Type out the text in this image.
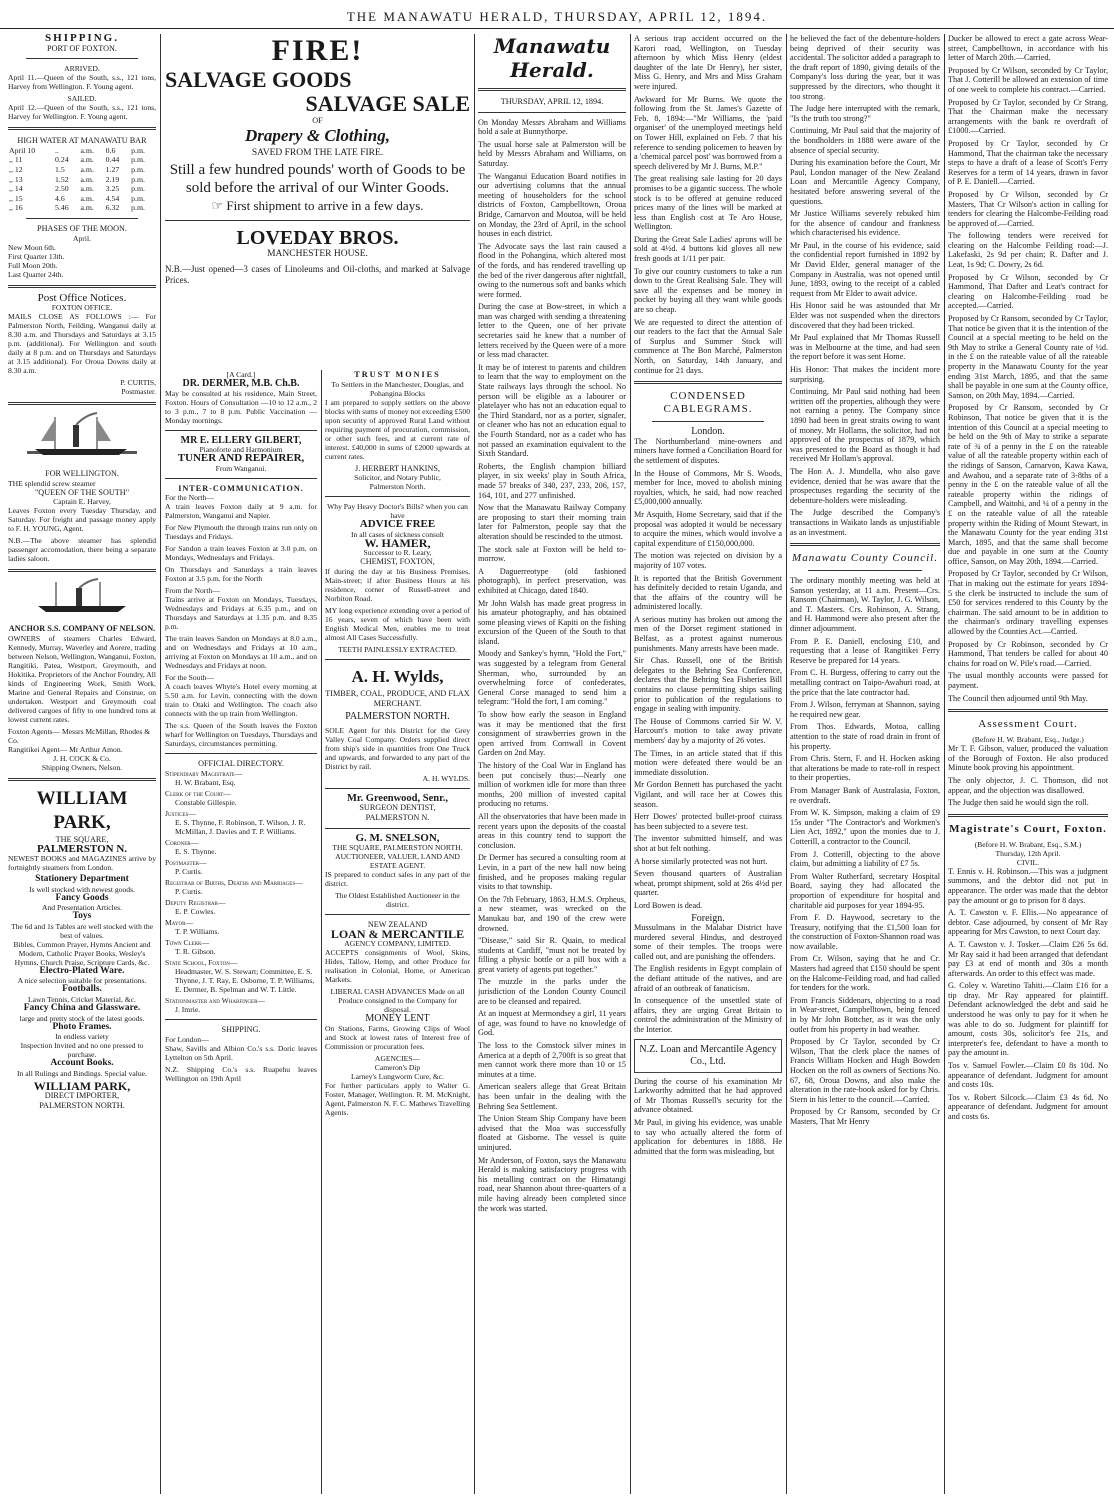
THE MANAWATU HERALD, THURSDAY, APRIL 12, 1894.
SHIPPING.
PORT OF FOXTON.
ARRIVED.

April 11.—Queen of the South, s.s., 121 tons, Harvey from Wellington. F. Young agent.

SAILED.

April 12.—Queen of the South, s.s., 121 tons, Harvey for Wellington. F. Young agent.

HIGH WATER AT MANAWATU BAR
April 10	..	a.m.	0.6	p.m.
,, 11	0.24	a.m.	0.44	p.m.
,, 12	1.5	a.m.	1.27	p.m.
,, 13	1.52	a.m.	2.19	p.m.
,, 14	2.50	a.m.	3.25	p.m.
,, 15	4.6	a.m.	4.54	p.m.
,, 16	5.46	a.m.	6.32	p.m.
PHASES OF THE MOON.
April.
New Moon 6th.
First Quarter 13th.
Full Moon 20th.
Last Quarter 24th.
Post Office Notices.
FOXTON OFFICE.

MAILS CLOSE AS FOLLOWS :— For Palmerston North, Feilding, Wanganui daily at 8.30 a.m. and Thursdays and Saturdays at 3.15 p.m. (additional). For Wellington and south daily at 8 p.m. and on Thursdays and Saturdays at 3.15 additional). For Oroua Downs daily at 8.30 a.m.

P. CURTIS,
Postmaster.
FOR WELLINGTON.
THE splendid screw steamer
"QUEEN OF THE SOUTH"
Captain E. Harvey,

Leaves Foxton every Tuesday Thursday, and Saturday. For freight and passage money apply to F. H. YOUNG, Agent.

N.B.—The above steamer has splendid passenger accomodation, there being a separate ladies saloon.

ANCHOR S.S. COMPANY OF NELSON.

OWNERS of steamers Charles Edward, Kennedy, Murray, Waverley and Aorere, trading between Nelson, Wellington, Wanganui, Foxton, Rangitiki, Patea, Westport, Greymouth, and Hokitika. Proprietors of the Anchor Foundry, All kinds of Engineering Work, Smith Work, Marine and General Repairs and Construe, on undertaken. Westport and Greymouth coal delivered cargoes of fifty to one hundred tons at lowest current rates.

Foxton Agents— Messrs McMillan, Rhodes & Co.
Rangitikei Agent— Mr Arthur Amon.
J. H. COCK & Co.
Shipping Owners, Nelson.
WILLIAM PARK,
THE SQUARE,
PALMERSTON N.

NEWEST BOOKS and MAGAZINES arrive by fortnightly steamers from London.

Stationery Department
Is well stocked with newest goods.
Fancy Goods
And Presentation Articles.
Toys
The 6d and 1s Tables are well stocked with the best of values.
Bibles, Common Prayer, Hymns Ancient and Modern, Catholic Prayer Books, Wesley's Hymns, Church Praise, Scripture Cards, &c.
Electro-Plated Ware.
A nice selection suitable for presentations.
Footballs.
Lawn Tennis, Cricket Material, &c.
Fancy China and Glassware.
large and pretty stock of the latest goods.
Photo Frames.
In endless variety
Inspection Invited and no one pressed to purchase.
Account Books.
In all Rulings and Bindings. Special value.
WILLIAM PARK,
DIRECT IMPORTER,
PALMERSTON NORTH.
FIRE!
SALVAGE GOODS
SALVAGE SALE
OF
Drapery & Clothing,
SAVED FROM THE LATE FIRE.
Still a few hundred pounds' worth of Goods to be sold before the arrival of our Winter Goods.
☞ First shipment to arrive in a few days.
LOVEDAY BROS.
MANCHESTER HOUSE.

N.B.—Just opened—3 cases of Linoleums and Oil-cloths, and marked at Salvage Prices.

[A Card.]
DR. DERMER, M.B. Ch.B.

May be consulted at his residence, Main Street, Foxton. Hours of Consultation —10 to 12 a.m., 2 to 3 p.m., 7 to 8 p.m. Public Vaccination — Monday mornings.

MR E. ELLERY GILBERT,
Pianoforte and Harmonium
TUNER AND REPAIRER,
From Wanganui.
INTER-COMMUNICATION.
For the North—

A train leaves Foxton daily at 9 a.m. for Palmerston, Wanganui and Napier.

For New Plymouth the through trains run only on Tuesdays and Fridays.

For Sandon a train leaves Foxton at 3.0 p.m. on Mondays, Wednesdays and Fridays.

On Thursdays and Saturdays a train leaves Foxton at 3.5 p.m. for the North

From the North—

Trains arrive at Foxton on Mondays, Tuesdays, Wednesdays and Fridays at 6.35 p.m., and on Thursdays and Saturdays at 1.35 p.m. and 8.35 p.m.

The train leaves Sandon on Mondays at 8.0 a.m., and on Wednesdays and Fridays at 10 a.m., arriving at Foxton on Mondays at 10 a.m., and on Wednesdays and Fridays at noon.

For the South—

A coach leaves Whyte's Hotel every morning at 5.50 a.m. for Levin, connecting with the down train to Otaki and Wellington. The coach also connects with the up train from Wellington.

The s.s. Queen of the South leaves the Foxton wharf for Wellington on Tuesdays, Thursdays and Saturdays, circumstances permitting.

OFFICIAL DIRECTORY.
Stipendiary Magistrate—
H. W. Brabant, Esq.
Clerk of the Court—
Constable Gillespie.
Justices—
E. S. Thynne, F. Robinson, T. Wilson, J. R. McMillan, J. Davies and T. P. Williams.
Coroner—
E. S. Thynne.
Postmaster—
P. Curtis.
Registrar of Births, Deaths and Marriages—
P. Curtis.
Deputy Registrar—
E. P. Cowles.
Mayor—
T. P. Williams.
Town Clerk—
T. R. Gibson.
State School, Foxton—
Headmaster, W. S. Stewart; Committee, E. S. Thynne, J. T. Ray, E. Osborne, T. P. Williams, E. Dermer, B. Spelman and W. T. Little.
Stationmaster and Wharfinger—
J. Imrie.
SHIPPING.
For London—

Shaw, Savills and Albion Co.'s s.s. Doric leaves Lyttelton on 5th April.

N.Z. Shipping Co.'s s.s. Ruapehu leaves Wellington on 19th April

TRUST MONIES
To Settlers in the Manchester, Douglas, and Pohangina Blocks

I am prepared to supply settlers on the above blocks with sums of money not exceeding £500 upon security of approved Rural Land without requiring payment of procuration, commission, or other such fees, and at current rate of interest. £40,000 in sums of £2000 upwards at current rates.

J. HERBERT HANKINS,
Solicitor, and Notary Public,
Palmerston North.
Why Pay Heavy Doctor's Bills? when you can have
ADVICE FREE
In all cases of sickness consult
W. HAMER,
Successor to R. Leary,
CHEMIST, FOXTON,

If during the day at his Business Premises, Main-street; if after Business Hours at his residence, corner of Russell-street and Norbiton Road.

MY long experience extending over a period of 16 years, seven of which have been with English Medical Men, enables me to treat almost All Cases Successfully.

TEETH PAINLESSLY EXTRACTED.
A. H. Wylds,
TIMBER, COAL, PRODUCE, AND FLAX MERCHANT.
PALMERSTON NORTH.

SOLE Agent for this District for the Grey Valley Coal Company. Orders supplied direct from ship's side in quantities from One Truck and upwards, and forwarded to any part of the District by rail.

A. H. WYLDS.
Mr. Greenwood, Senr.,
SURGEON DENTIST,
PALMERSTON N.
G. M. SNELSON,
THE SQUARE, PALMERSTON NORTH.
AUCTIONEER, VALUER, LAND AND ESTATE AGENT.

IS prepared to conduct sales in any part of the district.

The Oldest Established Auctioneer in the district.
NEW ZEALAND
LOAN & MERCANTILE
AGENCY COMPANY, LIMITED.

ACCEPTS consignments of Wool, Skins, Hides, Tallow, Hemp, and other Produce for realisation in Colonial, Home, or American Markets.

LIBERAL CASH ADVANCES Made on all Produce consigned to the Company for disposal.
MONEY LENT

On Stations, Farms, Growing Clips of Wool and Stock at lowest rates of Interest free of Commission or procuration fees.

AGENCIES—
Cameron's Dip
Larney's Lungworm Cure, &c.

For further particulars apply to Walter G. Foster, Manager, Wellington. R. M. McKnight, Agent, Palmerston N. F. C. Mathews Travelling Agents.

Manawatu Herald.
THURSDAY, APRIL 12, 1894.

On Monday Messrs Abraham and Williams hold a sale at Bunnythorpe.

The usual horse sale at Palmerston will be held by Messrs Abraham and Williams, on Saturday.

The Wanganui Education Board notifies in our advertising columns that the annual meeting of householders for the school districts of Foxton, Campbelltown, Oroua Bridge, Carnarvon and Moutoa, will be held on Monday, the 23rd of April, in the school houses in each district.

The Advocate says the last rain caused a flood in the Pohangina, which altered most of the fords, and has rendered travelling up the bed of the river dangerous after nightfall, owing to the numerous soft and banks which were formed.

During the case at Bow-street, in which a man was charged with sending a threatening letter to the Queen, one of her private secretaries said he knew that a number of letters received by the Queen were of a more or less mad character.

It may be of interest to parents and children to learn that the way to employment on the State railways lays through the school. No person will be eligible as a labourer or platelayer who has not an education equal to the Third Standard, nor as a porter, signaler, or cleaner who has not an education equal to the Fourth Standard, nor as a cadet who has not passed an examination equivalent to the Sixth Standard.

Roberts, the English champion billiard player, in six weeks' play in South Africa, made 57 breaks of 340, 237, 233, 206, 157, 164, 101, and 277 unfinished.

Now that the Manawatu Railway Company are proposing to start their morning train later for Palmerston, people say that the alteration should be rescinded to the utmost.

The stock sale at Foxton will be held to-morrow.

A Daguerreotype (old fashioned photograph), in perfect preservation, was exhibited at Chicago, dated 1840.

Mr John Walsh has made great progress in his amateur photography, and has obtained some pleasing views of Kapiti on the fishing excursion of the Queen of the South to that island.

Moody and Sankey's hymn, "Hold the Fort," was suggested by a telegram from General Sherman, who, surrounded by an overwhelming force of confederates, General Corse managed to send him a telegram: "Hold the fort, I am coming."

To show how early the season in England was it may be mentioned that the first consignment of strawberries grown in the open arrived from Cornwall in Covent Garden on 2nd May.

The history of the Coal War in England has been put concisely thus:—Nearly one million of workmen idle for more than three months, 200 million of invested capital producing no returns.

All the observatories that have been made in recent years upon the deposits of the coastal areas in this country tend to support the conclusion.

Dr Dermer has secured a consulting room at Levin, in a part of the new hall now being finished, and he proposes making regular visits to that township.

On the 7th February, 1863, H.M.S. Orpheus, a new steamer, was wrecked on the Manukau bar, and 190 of the crew were drowned.

"Disease," said Sir R. Quain, to medical students at Cardiff, "must not be treated by filling a physic bottle or a pill box with a great variety of agents put together."

The muzzle in the parks under the jurisdiction of the London County Council are to be cleansed and repaired.

At an inquest at Mermondsey a girl, 11 years of age, was found to have no knowledge of God.

The loss to the Comstock silver mines in America at a depth of 2,700ft is so great that men cannot work there more than 10 or 15 minutes at a time.

American sealers allege that Great Britain has been unfair in the dealing with the Behring Sea Settlement.

The Union Steam Ship Company have been advised that the Moa was successfully floated at Gisborne. The vessel is quite uninjured.

Mr Anderson, of Foxton, says the Manawatu Herald is making satisfactory progress with his metalling contract on the Himatangi road, near Shannon about three-quarters of a mile having already been completed since the work was started.

A serious trap accident occurred on the Karori road, Wellington, on Tuesday afternoon by which Miss Henry (eldest daughter of the late Dr Henry), her sister, Miss G. Henry, and Mrs and Miss Graham were injured.

Awkward for Mr Burns. We quote the following from the St. James's Gazette of Feb. 8, 1894:—"Mr Williams, the 'paid organiser' of the unemployed meetings held on Tower Hill, explained on Feb. 7 that his reference to sending policemen to heaven by a 'chemical parcel post' was borrowed from a speech delivered by Mr J. Burns, M.P."

The great realising sale lasting for 20 days promises to be a gigantic success. The whole stock is to be offered at genuine reduced prices many of the lines will be marked at less than English cost at Te Aro House, Wellington.

During the Great Sale Ladies' aprons will be sold at 4½d. 4 buttons kid gloves all new fresh goods at 1/11 per pair.

To give our country customers to take a run down to the Great Realising Sale. They will save all the expenses and be money in pocket by buying all they want while goods are so cheap.

We are requested to direct the attention of our readers to the fact that the Annual Sale of Surplus and Summer Stock will commence at The Bon Marché, Palmerston North, on Saturday, 14th January, and continue for 21 days.

CONDENSED CABLEGRAMS.
London.

The Northumberland mine-owners and miners have formed a Conciliation Board for the settlement of disputes.

In the House of Commons, Mr S. Woods, member for Ince, moved to abolish mining royalties, which, he said, had now reached £5,000,000 annually.

Mr Asquith, Home Secretary, said that if the proposal was adopted it would be necessary to acquire the mines, which would involve a capital expenditure of £150,000,000.

The motion was rejected on division by a majority of 107 votes.

It is reported that the British Government has definitely decided to retain Uganda, and that the affairs of the country will be administered locally.

A serious mutiny has broken out among the men of the Dorset regiment stationed in Belfast, as a protest against numerous punishments. Many arrests have been made.

Sir Chas. Russell, one of the British delegates to the Behring Sea Conference, declares that the Behring Sea Fisheries Bill contains no clause permitting ships sailing prior to publication of the regulations to engage in sealing with impunity.

The House of Commons carried Sir W. V. Harcourt's motion to take away private members' day by a majority of 26 votes.

The Times, in an article stated that if this motion were defeated there would be an immediate dissolution.

Mr Gordon Bennett has purchased the yacht Vigilant, and will race her at Cowes this season.

Herr Dowes' protected bullet-proof cuirass has been subjected to a severe test.

The inventor submitted himself, and was shot at but felt nothing.

A horse similarly protected was not hurt.

Seven thousand quarters of Australian wheat, prompt shipment, sold at 26s 4½d per quarter.

Lord Bowen is dead.

Foreign.

Mussulmans in the Malabar District have murdered several Hindus, and destroyed some of their temples. The troops were called out, and are punishing the offenders.

The English residents in Egypt complain of the defiant attitude of the natives, and are afraid of an outbreak of fanaticism.

In consequence of the unsettled state of affairs, they are urging Great Britain to control the administration of the Ministry of the Interior.

N.Z. Loan and Mercantile Agency Co., Ltd.

During the course of his examination Mr Larkworthy admitted that he had approved of Mr Thomas Russell's security for the advance obtained.

Mr Paul, in giving his evidence, was unable to say who actually altered the form of application for debentures in 1888. He admitted that the form was misleading, but

he believed the fact of the debenture-holders being deprived of their security was accidental. The solicitor added a paragraph to the draft report of 1890, giving details of the Company's loss during the year, but it was suppressed by the directors, who thought it too strong.

The Judge here interrupted with the remark, "Is the truth too strong?"

Continuing, Mr Paul said that the majority of the bondholders in 1888 were aware of the absence of special security.

During his examination before the Court, Mr Paul, London manager of the New Zealand Loan and Mercantile Agency Company, hesitated before answering several of the questions.

Mr Justice Williams severely rebuked him for the absence of candour and frankness which characterised his evidence.

Mr Paul, in the course of his evidence, said the confidential report furnished in 1892 by Mr David Elder, general manager of the Company in Australia, was not opened until June, 1893, owing to the receipt of a cabled request from Mr Elder to await advice.

His Honor said he was astounded that Mr Elder was not suspended when the directors discovered that they had been tricked.

Mr Paul explained that Mr Thomas Russell was in Melbourne at the time, and had seen the report before it was sent Home.

His Honor: That makes the incident more surprising.

Continuing, Mr Paul said nothing had been written off the properties, although they were not earning a penny. The Company since 1890 had been in great straits owing to want of money. Mr Hollams, the solicitor, had not approved of the prospectus of 1879, which was presented to the Board as though it had received Mr Hollam's approval.

The Hon A. J. Mundella, who also gave evidence, denied that he was aware that the prospectuses regarding the security of the debenture-holders were misleading.

The Judge described the Company's transactions in Waikato lands as unjustifiable as an investment.

Manawatu County Council.

The ordinary monthly meeting was held at Sanson yesterday, at 11 a.m. Present—Crs. Ransom (Chairman), W. Taylor, J. G. Wilson, and T. Masters. Crs. Robinson, A. Strang, and H. Hammond were also present after the dinner adjournment.

From P. E. Daniell, enclosing £10, and requesting that a lease of Rangitikei Ferry Reserve be prepared for 14 years.

From C. H. Burgess, offering to carry out the metalling contract on Taipo-Awahuri road, at the price that the late contractor had.

From J. Wilson, ferryman at Shannon, saying he required new gear.

From Thos. Edwards, Motoa, calling attention to the state of road drain in front of his property.

From Chris. Stern, F. and H. Hocken asking that alterations be made to rate-roll in respect to their properties.

From Manager Bank of Australasia, Foxton, re overdraft.

From W. K. Simpson, making a claim of £9 15s under "The Contractor's and Workmen's Lien Act, 1892," upon the monies due to J. Cotterill, a contractor to the Council.

From J. Cotterill, objecting to the above claim, but admitting a liability of £7 5s.

From Walter Rutherfard, secretary Hospital Board, saying they had allocated the proportion of expenditure for hospital and charitable aid purposes for year 1894-95.

From F. D. Haywood, secretary to the Treasury, notifying that the £1,500 loan for the construction of Foxton-Shannon road was now available.

From Cr. Wilson, saying that he and Cr. Masters had agreed that £150 should be spent on the Halcome-Feilding road, and had called for tenders for the work.

From Francis Siddenars, objecting to a road in Wear-street, Campbelltown, being fenced in by Mr John Bottcher, as it was the only outlet from his property in bad weather.

Proposed by Cr Taylor, seconded by Cr Wilson, That the clerk place the names of Francis William Hocken and Hugh Bowden Hocken on the roll as owners of Sections No. 67, 68, Oroua Downs, and also make the alteration in the rate-book asked for by Chris. Stern in his letter to the council.—Carried.

Proposed by Cr Ransom, seconded by Cr Masters, That Mr Henry

Ducker be allowed to erect a gate across Wear-street, Campbelltown, in accordance with his letter of March 20th.—Carried.

Proposed by Cr Wilson, seconded by Cr Taylor, That J. Cotterill be allowed an extension of time of one week to complete his contract.—Carried.

Proposed by Cr Taylor, seconded by Cr Strang, That the Chairman make the necessary arrangements with the bank re overdraft of £1000.—Carried.

Proposed by Cr Taylor, seconded by Cr Hammond, That the chairman take the necessary steps to have a draft of a lease of Scott's Ferry Reserves for a term of 14 years, drawn in favor of P. E. Daniell.—Carried.

Proposed by Cr Wilson, seconded by Cr Masters, That Cr Wilson's action in calling for tenders for clearing the Halcombe-Feilding road be approved of.—Carried.

The following tenders were received for clearing on the Halcombe Feilding road:—J. Lakefaski, 2s 9d per chain; R. Dafter and J. Leat, 1s 9d; C. Dowry, 2s 6d.

Proposed by Cr Wilson, seconded by Cr Hammond, That Dafter and Leat's contract for clearing on Halcombe-Feilding road be accepted.—Carried.

Proposed by Cr Ransom, seconded by Cr Taylor, That notice be given that it is the intention of the Council at a special meeting to be held on the 9th May to strike a General County rate of ½d. in the £ on the rateable value of all the rateable property in the Manawatu County for the year ending 31st March, 1895, and that the same shall be payable in one sum at the County office, Sanson, on 20th May, 1894.—Carried.

Proposed by Cr Ransom, seconded by Cr Robinson, That notice be given that it is the intention of this Council at a special meeting to be held on the 9th of May to strike a separate rate of ¾ of a penny in the £ on the rateable value of all the rateable property within each of the ridings of Sanson, Carnarvon, Kawa Kawa, and Awahou, and a separate rate of 3-8ths of a penny in the £ on the rateable value of all the rateable property within the ridings of Campbell, and Waitohi, and ¼ of a penny in the £ on the rateable value of all the rateable property within the Riding of Mount Stewart, in the Manawatu County for the year ending 31st March, 1895, and that the same shall become due and payable in one sum at the County office, Sanson, on May 20th, 1894.—Carried.

Proposed by Cr Taylor, seconded by Cr Wilson, That in making out the estimate for years 1894-5 the clerk be instructed to include the sum of £50 for services rendered to this County by the chairman. The said amount to be in addition to the chairman's ordinary travelling expenses allowed by the Counties Act.—Carried.

Proposed by Cr Robinson, seconded by Cr Hammond, That tenders be called for about 40 chains for road on W. Pile's road.—Carried.

The usual monthly accounts were passed for payment.

The Council then adjourned until 9th May.

Assessment Court.
(Before H. W. Brabant, Esq., Judge.)

Mr T. F. Gibson, valuer, produced the valuation of the Borough of Foxton. He also produced Minute book proving his appointment.

The only objector, J. C. Thomson, did not appear, and the objection was disallowed.

The Judge then said he would sign the roll.

Magistrate's Court, Foxton.
(Before H. W. Brabant, Esq., S.M.)
Thursday, 12th April.
CIVIL.

T. Ennis v. H. Robinson.—This was a judgment summons, and the debtor did not put in appearance. The order was made that the debtor pay the amount or go to prison for 8 days.

A. T. Cawston v. F. Ellis.—No appearance of debtor. Case adjourned, by consent of Mr Ray appearing for Mrs Cawston, to next Court day.

A. T. Cawston v. J. Tosker.—Claim £26 5s 6d. Mr Ray said it had been arranged that defendant pay £3 at end of month and 30s a month afterwards. An order to this effect was made.

G. Coley v. Waretino Tahiti.—Claim £16 for a tip dray. Mr Ray appeared for plaintiff. Defendant acknowledged the debt and said he understood he was only to pay for it when he was able to do so. Judgment for plaintiff for amount, costs 30s, solicitor's fee 21s, and interpreter's fee, defendant to have a month to pay the amount in.

Tos v. Samuel Fowler.—Claim £0 8s 10d. No appearance of defendant. Judgment for amount and costs 10s.

Tos v. Robert Silcock.—Claim £3 4s 6d. No appearance of defendant. Judgment for amount and costs 6s.
